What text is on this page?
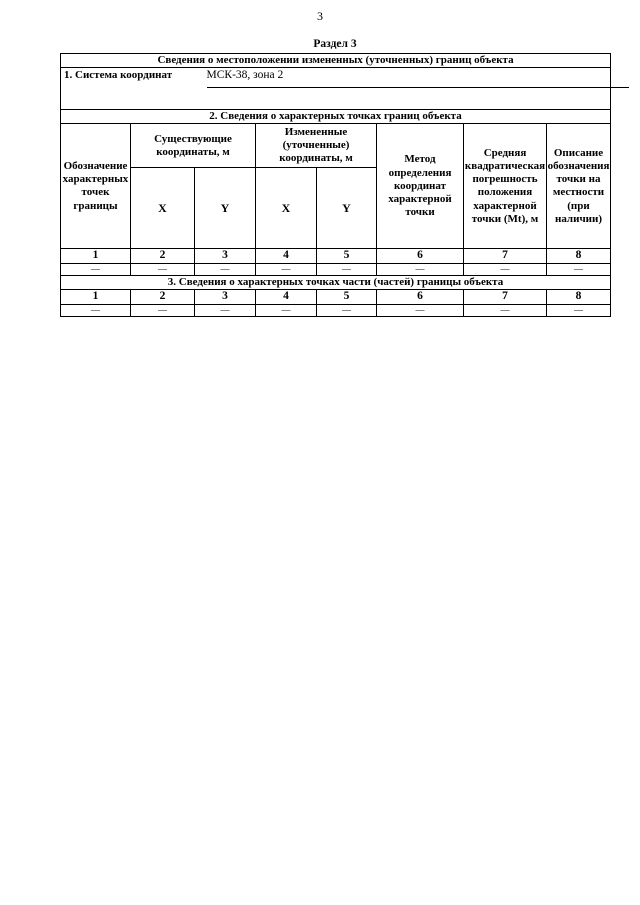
3
Раздел 3
Сведения о местоположении измененных (уточненных) границ объекта							
1. Система координат		МСК-38, зона 2					

2. Сведения о характерных точках границ объекта							
Обозначение характерных точек границы	Существующие координаты, м		Измененные (уточненные) координаты, м		Метод определения координат характерной точки	Средняя квадратическая погрешность положения характерной точки (Mt), м	Описание обозначения точки на местности (при наличии)
	X	Y	X	Y			
1	2	3	4	5	6	7	8
—	—	—	—	—	—	—	—
3. Сведения о характерных точках части (частей) границы объекта							
1	2	3	4	5	6	7	8
—	—	—	—	—	—	—	—
